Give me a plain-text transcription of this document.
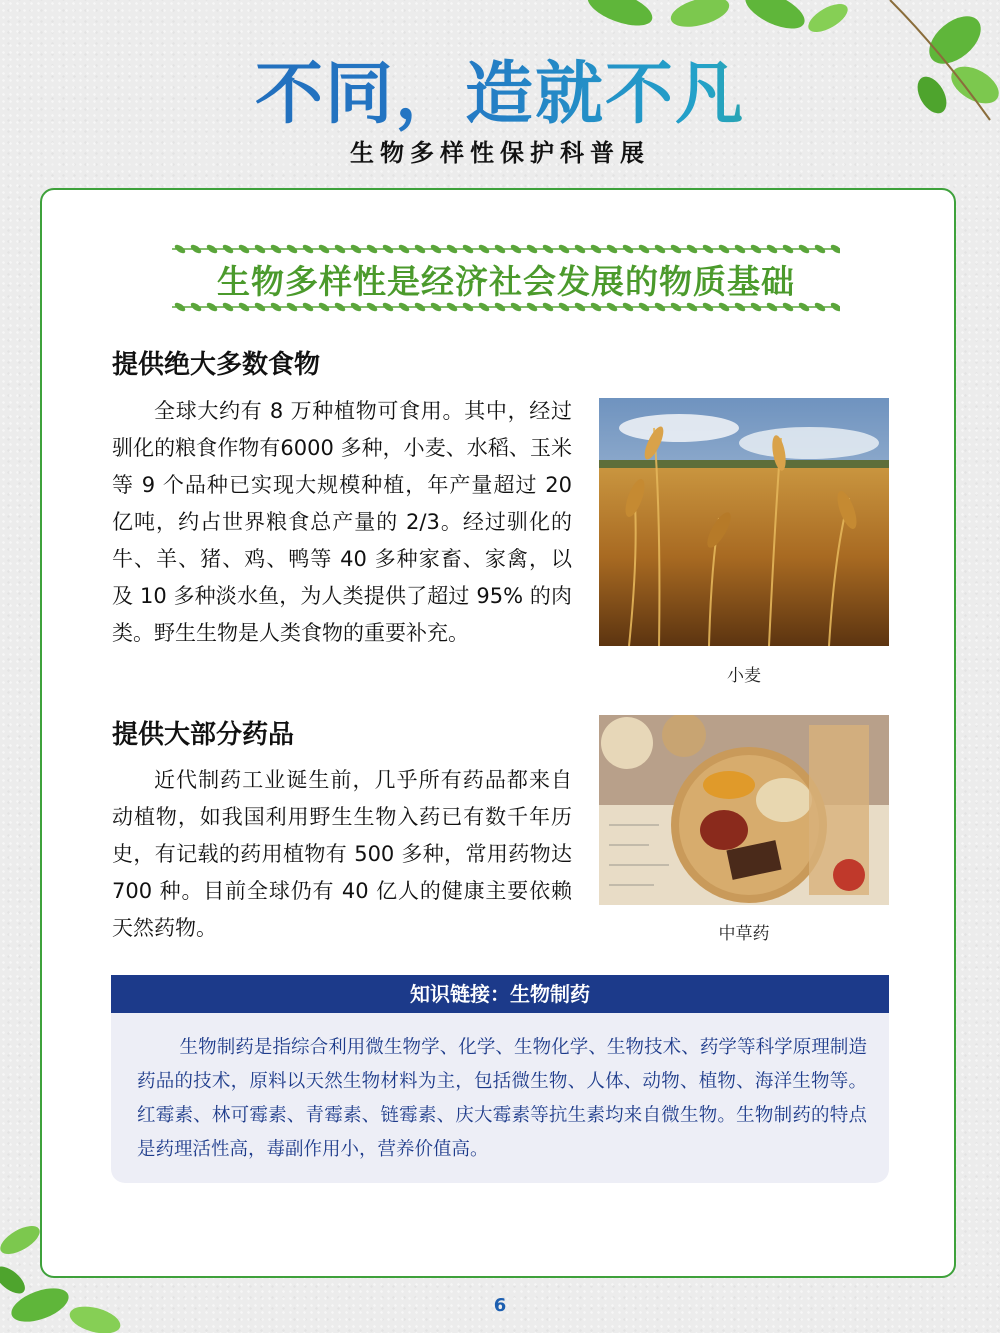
不同，造就不凡
生物多样性保护科普展
生物多样性是经济社会发展的物质基础
提供绝大多数食物

全球大约有 8 万种植物可食用。其中，经过驯化的粮食作物有6000 多种，小麦、水稻、玉米等 9 个品种已实现大规模种植，年产量超过 20 亿吨，约占世界粮食总产量的 2/3。经过驯化的牛、羊、猪、鸡、鸭等 40 多种家畜、家禽，以及 10 多种淡水鱼，为人类提供了超过 95% 的肉类。野生生物是人类食物的重要补充。

小麦
提供大部分药品

近代制药工业诞生前，几乎所有药品都来自动植物，如我国利用野生生物入药已有数千年历史，有记载的药用植物有 500 多种，常用药物达 700 种。目前全球仍有 40 亿人的健康主要依赖天然药物。	中草药
知识链接：生物制药

生物制药是指综合利用微生物学、化学、生物化学、生物技术、药学等科学原理制造药品的技术，原料以天然生物材料为主，包括微生物、人体、动物、植物、海洋生物等。红霉素、林可霉素、青霉素、链霉素、庆大霉素等抗生素均来自微生物。生物制药的特点是药理活性高，毒副作用小，营养价值高。

6
